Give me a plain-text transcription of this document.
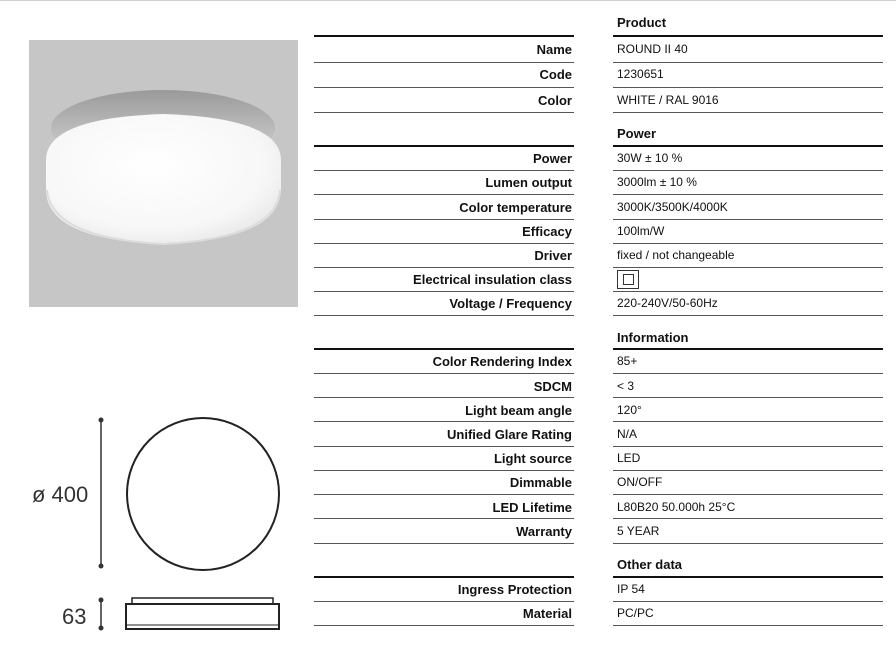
ø 400
63
Product
Name	ROUND II 40
Code	1230651
Color	WHITE / RAL 9016
Power
Power	30W ± 10 %
Lumen output	3000lm ± 10 %
Color temperature	3000K/3500K/4000K
Efficacy	100lm/W
Driver	fixed / not changeable
Electrical insulation class
Voltage / Frequency	220-240V/50-60Hz
Information
Color Rendering Index	85+
SDCM	< 3
Light beam angle	120°
Unified Glare Rating	N/A
Light source	LED
Dimmable	ON/OFF
LED Lifetime	L80B20 50.000h 25°C
Warranty	5 YEAR
Other data
Ingress Protection	IP 54
Material	PC/PC
